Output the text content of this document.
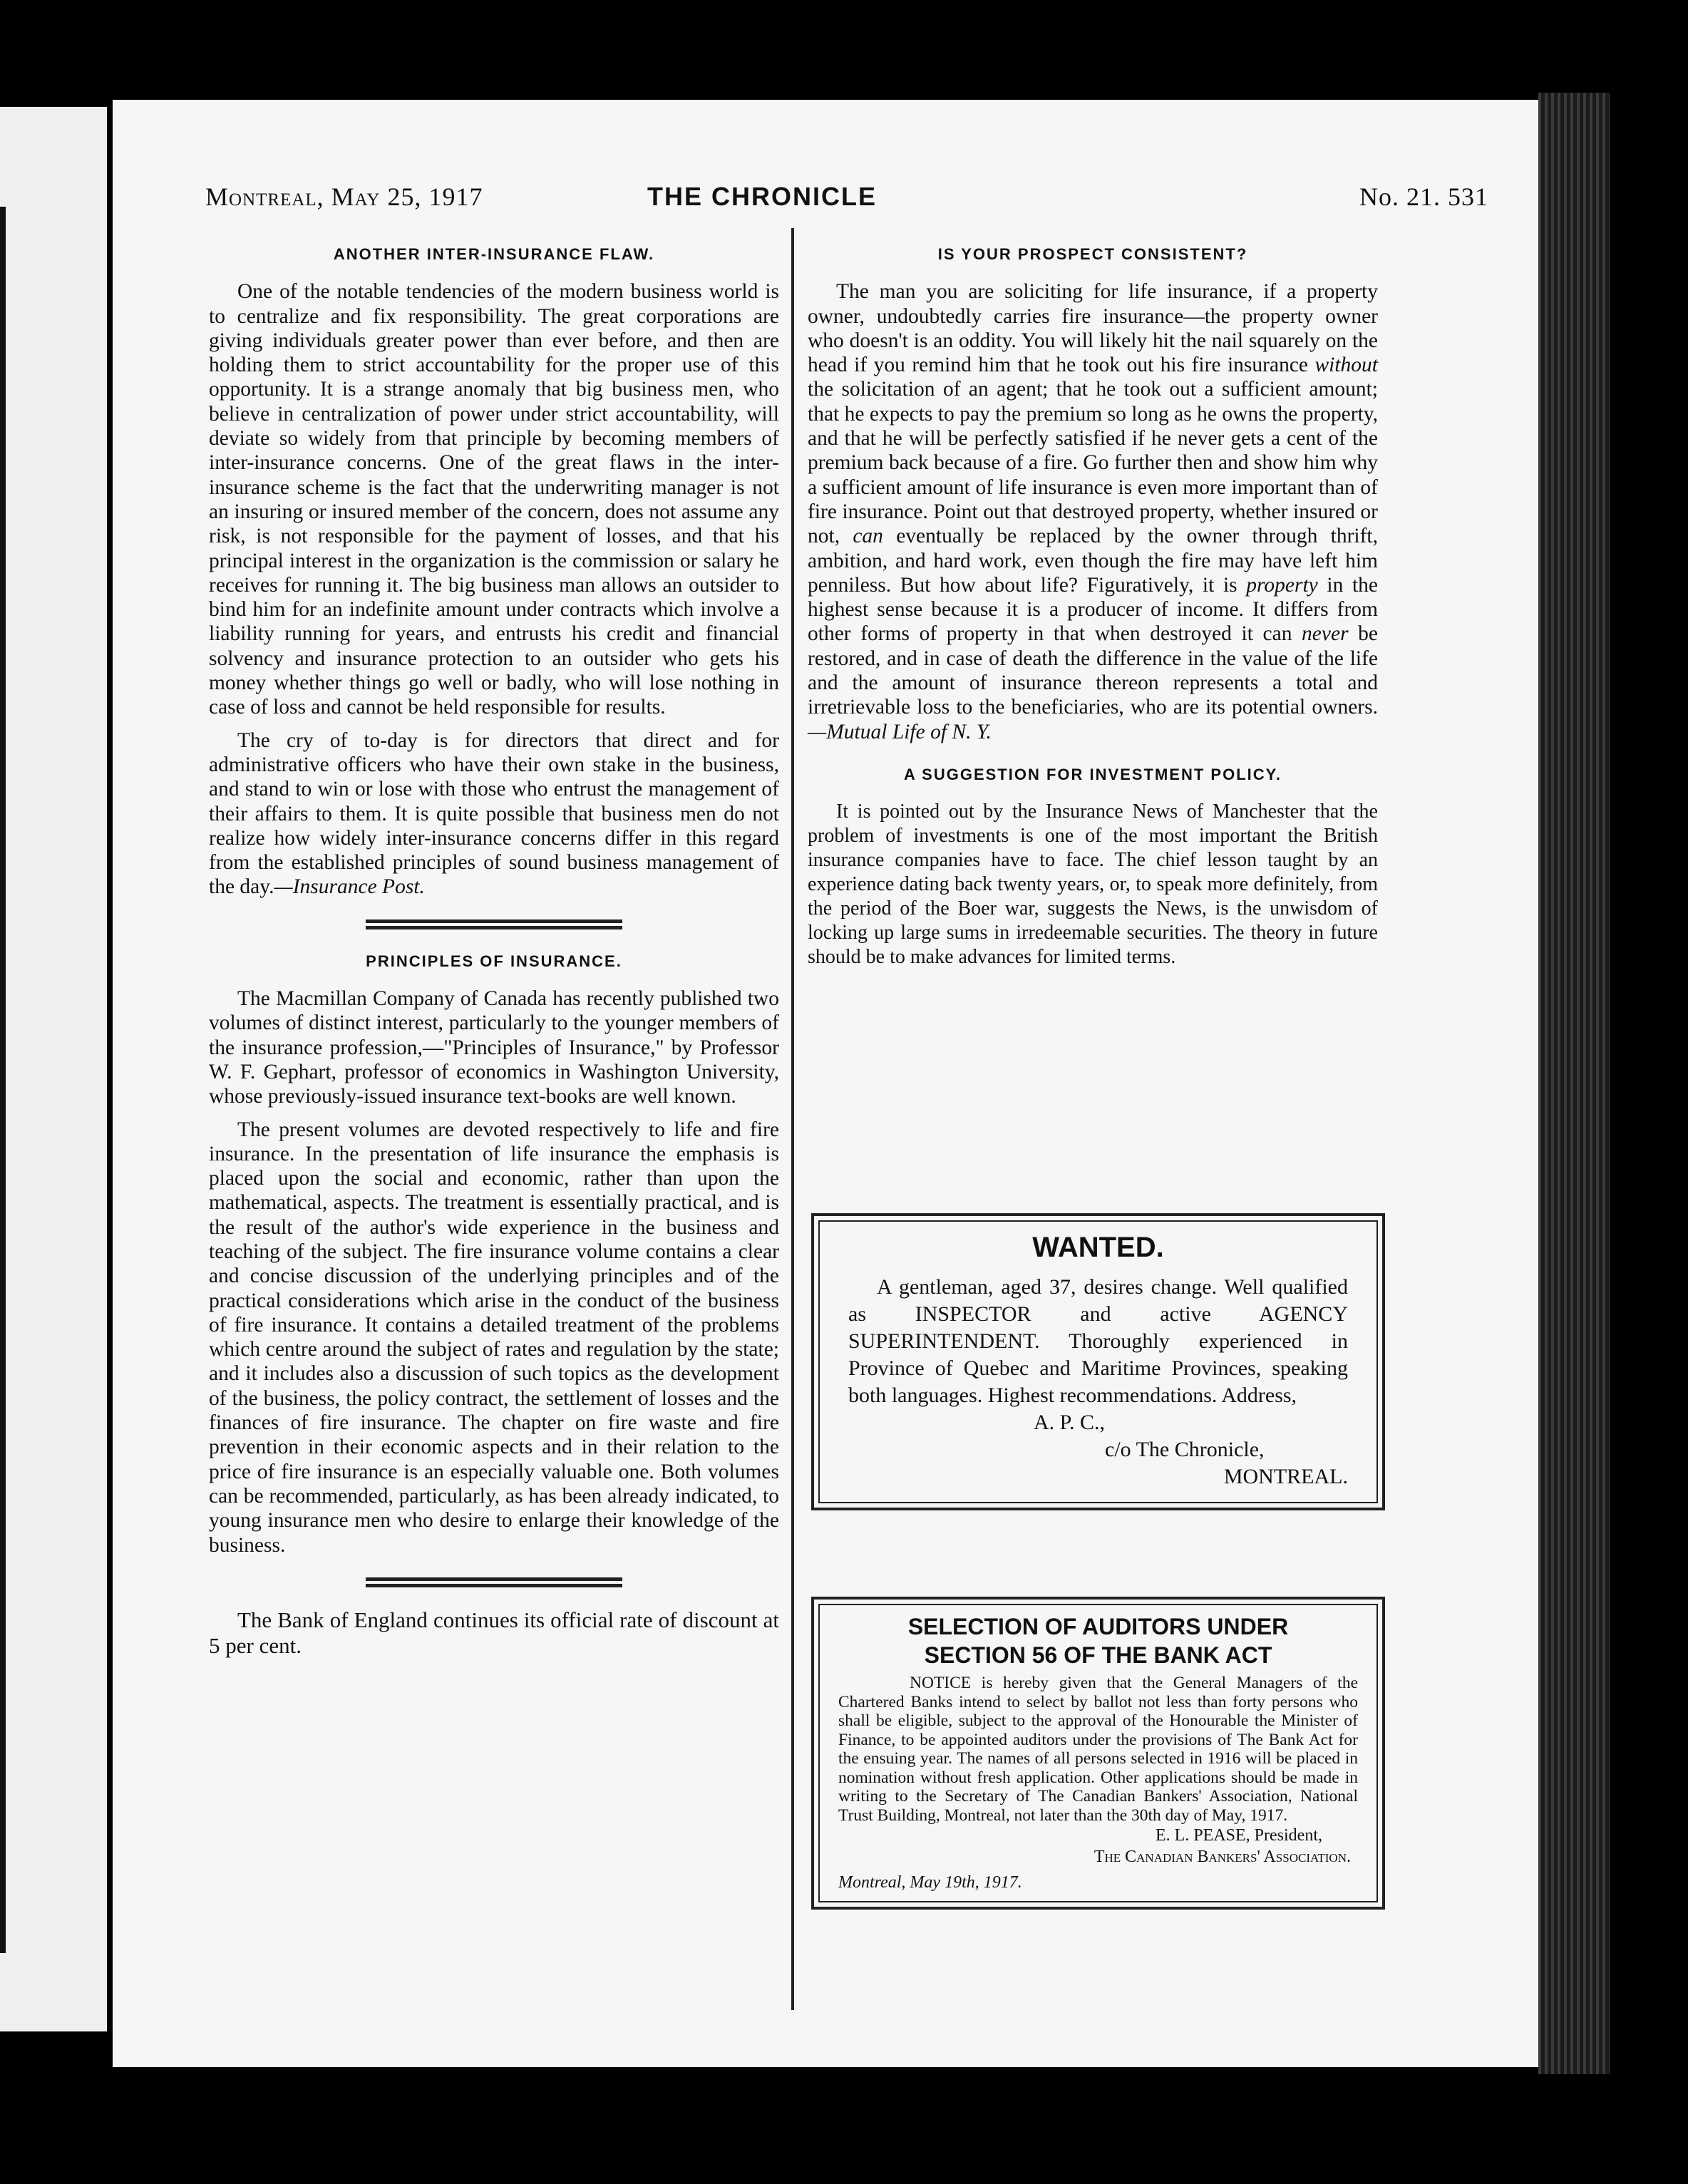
Montreal, May 25, 1917	THE CHRONICLE	No. 21. 531
ANOTHER INTER-INSURANCE FLAW.

One of the notable tendencies of the modern business world is to centralize and fix responsibility. The great corporations are giving individuals greater power than ever before, and then are holding them to strict accountability for the proper use of this opportunity. It is a strange anomaly that big business men, who believe in centralization of power under strict accountability, will deviate so widely from that principle by becoming members of inter-insurance concerns. One of the great flaws in the inter-insurance scheme is the fact that the underwriting manager is not an insuring or insured member of the concern, does not assume any risk, is not responsible for the payment of losses, and that his principal interest in the organization is the commission or salary he receives for running it. The big business man allows an outsider to bind him for an indefinite amount under contracts which involve a liability running for years, and entrusts his credit and financial solvency and insurance protection to an outsider who gets his money whether things go well or badly, who will lose nothing in case of loss and cannot be held responsible for results.

The cry of to-day is for directors that direct and for administrative officers who have their own stake in the business, and stand to win or lose with those who entrust the management of their affairs to them. It is quite possible that business men do not realize how widely inter-insurance concerns differ in this regard from the established principles of sound business management of the day.—Insurance Post.

PRINCIPLES OF INSURANCE.

The Macmillan Company of Canada has recently published two volumes of distinct interest, particularly to the younger members of the insurance profession,—"Principles of Insurance," by Professor W. F. Gephart, professor of economics in Washington University, whose previously-issued insurance text-books are well known.

The present volumes are devoted respectively to life and fire insurance. In the presentation of life insurance the emphasis is placed upon the social and economic, rather than upon the mathematical, aspects. The treatment is essentially practical, and is the result of the author's wide experience in the business and teaching of the subject. The fire insurance volume contains a clear and concise discussion of the underlying principles and of the practical considerations which arise in the conduct of the business of fire insurance. It contains a detailed treatment of the problems which centre around the subject of rates and regulation by the state; and it includes also a discussion of such topics as the development of the business, the policy contract, the settlement of losses and the finances of fire insurance. The chapter on fire waste and fire prevention in their economic aspects and in their relation to the price of fire insurance is an especially valuable one. Both volumes can be recommended, particularly, as has been already indicated, to young insurance men who desire to enlarge their knowledge of the business.

The Bank of England continues its official rate of discount at 5 per cent.

IS YOUR PROSPECT CONSISTENT?

The man you are soliciting for life insurance, if a property owner, undoubtedly carries fire insurance—the property owner who doesn't is an oddity. You will likely hit the nail squarely on the head if you remind him that he took out his fire insurance without the solicitation of an agent; that he took out a sufficient amount; that he expects to pay the premium so long as he owns the property, and that he will be perfectly satisfied if he never gets a cent of the premium back because of a fire. Go further then and show him why a sufficient amount of life insurance is even more important than of fire insurance. Point out that destroyed property, whether insured or not, can eventually be replaced by the owner through thrift, ambition, and hard work, even though the fire may have left him penniless. But how about life? Figuratively, it is property in the highest sense because it is a producer of income. It differs from other forms of property in that when destroyed it can never be restored, and in case of death the difference in the value of the life and the amount of insurance thereon represents a total and irretrievable loss to the beneficiaries, who are its potential owners.—Mutual Life of N. Y.

A SUGGESTION FOR INVESTMENT POLICY.

It is pointed out by the Insurance News of Manchester that the problem of investments is one of the most important the British insurance companies have to face. The chief lesson taught by an experience dating back twenty years, or, to speak more definitely, from the period of the Boer war, suggests the News, is the unwisdom of locking up large sums in irredeemable securities. The theory in future should be to make advances for limited terms.

WANTED.

A gentleman, aged 37, desires change. Well qualified as INSPECTOR and active AGENCY SUPERINTENDENT. Thoroughly experienced in Province of Quebec and Maritime Provinces, speaking both languages. Highest recommendations. Address,

A. P. C.,
c/o The Chronicle,
MONTREAL.
SELECTION OF AUDITORS UNDER
SECTION 56 OF THE BANK ACT

NOTICE is hereby given that the General Managers of the Chartered Banks intend to select by ballot not less than forty persons who shall be eligible, subject to the approval of the Honourable the Minister of Finance, to be appointed auditors under the provisions of The Bank Act for the ensuing year. The names of all persons selected in 1916 will be placed in nomination without fresh application. Other applications should be made in writing to the Secretary of The Canadian Bankers' Association, National Trust Building, Montreal, not later than the 30th day of May, 1917.

E. L. PEASE, President,
The Canadian Bankers' Association.
Montreal, May 19th, 1917.
